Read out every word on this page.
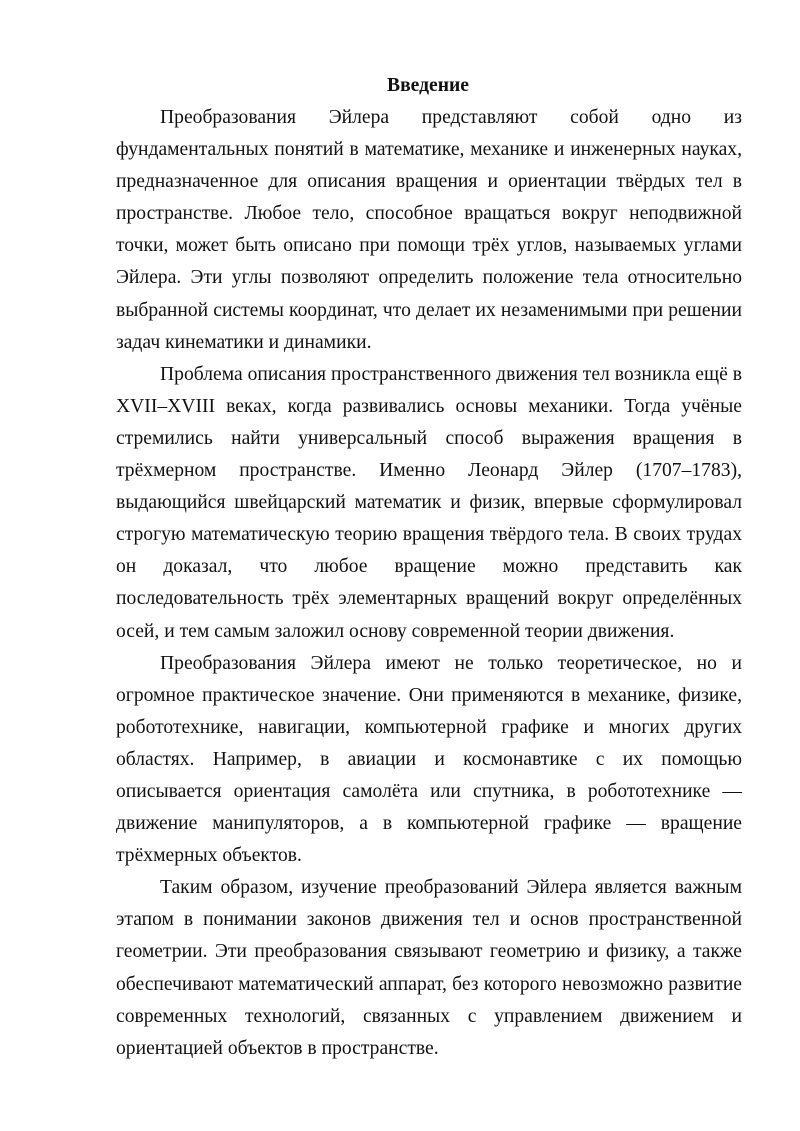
Введение

Преобразования Эйлера представляют собой одно из фундаментальных понятий в математике, механике и инженерных науках, предназначенное для описания вращения и ориентации твёрдых тел в пространстве. Любое тело, способное вращаться вокруг неподвижной точки, может быть описано при помощи трёх углов, называемых углами Эйлера. Эти углы позволяют определить положение тела относительно выбранной системы координат, что делает их незаменимыми при решении задач кинематики и динамики.

Проблема описания пространственного движения тел возникла ещё в XVII–XVIII веках, когда развивались основы механики. Тогда учёные стремились найти универсальный способ выражения вращения в трёхмерном пространстве. Именно Леонард Эйлер (1707–1783), выдающийся швейцарский математик и физик, впервые сформулировал строгую математическую теорию вращения твёрдого тела. В своих трудах он доказал, что любое вращение можно представить как последовательность трёх элементарных вращений вокруг определённых осей, и тем самым заложил основу современной теории движения.

Преобразования Эйлера имеют не только теоретическое, но и огромное практическое значение. Они применяются в механике, физике, робототехнике, навигации, компьютерной графике и многих других областях. Например, в авиации и космонавтике с их помощью описывается ориентация самолёта или спутника, в робототехнике — движение манипуляторов, а в компьютерной графике — вращение трёхмерных объектов.

Таким образом, изучение преобразований Эйлера является важным этапом в понимании законов движения тел и основ пространственной геометрии. Эти преобразования связывают геометрию и физику, а также обеспечивают математический аппарат, без которого невозможно развитие современных технологий, связанных с управлением движением и ориентацией объектов в пространстве.
